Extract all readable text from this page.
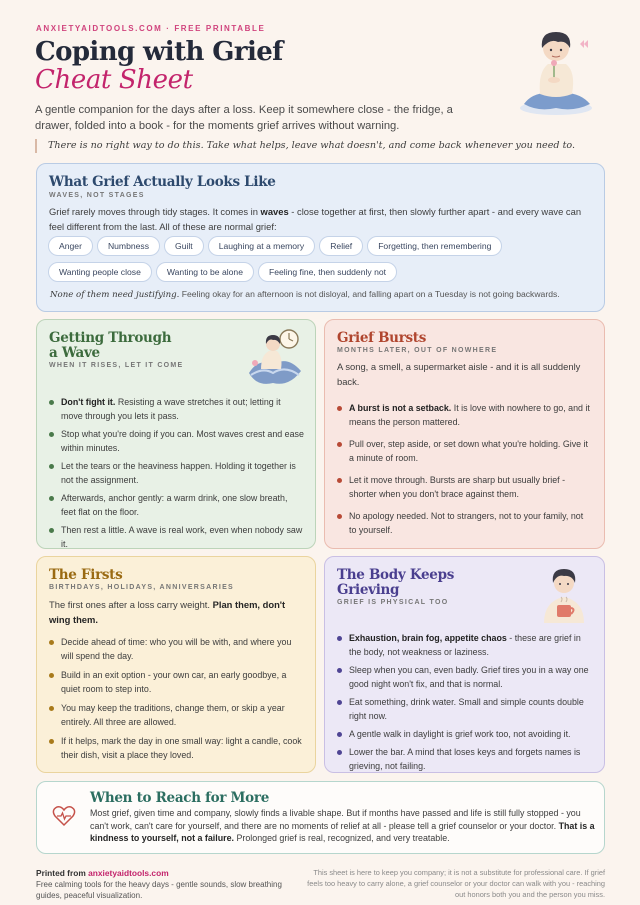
ANXIETYAIDTOOLS.COM · FREE PRINTABLE
Coping with Grief
Cheat Sheet
A gentle companion for the days after a loss. Keep it somewhere close - the fridge, a drawer, folded into a book - for the moments grief arrives without warning.
There is no right way to do this. Take what helps, leave what doesn't, and come back whenever you need to.
What Grief Actually Looks Like
WAVES, NOT STAGES
Grief rarely moves through tidy stages. It comes in waves - close together at first, then slowly further apart - and every wave can feel different from the last. All of these are normal grief:
Anger	Numbness	Guilt	Laughing at a memory	Relief	Forgetting, then remembering
Wanting people close	Wanting to be alone	Feeling fine, then suddenly not
None of them need justifying. Feeling okay for an afternoon is not disloyal, and falling apart on a Tuesday is not going backwards.
Getting Through
a Wave
WHEN IT RISES, LET IT COME
Don't fight it. Resisting a wave stretches it out; letting it move through you lets it pass.
Stop what you're doing if you can. Most waves crest and ease within minutes.
Let the tears or the heaviness happen. Holding it together is not the assignment.
Afterwards, anchor gently: a warm drink, one slow breath, feet flat on the floor.
Then rest a little. A wave is real work, even when nobody saw it.
Grief Bursts
MONTHS LATER, OUT OF NOWHERE
A song, a smell, a supermarket aisle - and it is all suddenly back.
A burst is not a setback. It is love with nowhere to go, and it means the person mattered.
Pull over, step aside, or set down what you're holding. Give it a minute of room.
Let it move through. Bursts are sharp but usually brief - shorter when you don't brace against them.
No apology needed. Not to strangers, not to your family, not to yourself.
The Firsts
BIRTHDAYS, HOLIDAYS, ANNIVERSARIES
The first ones after a loss carry weight. Plan them, don't wing them.
Decide ahead of time: who you will be with, and where you will spend the day.
Build in an exit option - your own car, an early goodbye, a quiet room to step into.
You may keep the traditions, change them, or skip a year entirely. All three are allowed.
If it helps, mark the day in one small way: light a candle, cook their dish, visit a place they loved.
The Body Keeps
Grieving
GRIEF IS PHYSICAL TOO
Exhaustion, brain fog, appetite chaos - these are grief in the body, not weakness or laziness.
Sleep when you can, even badly. Grief tires you in a way one good night won't fix, and that is normal.
Eat something, drink water. Small and simple counts double right now.
A gentle walk in daylight is grief work too, not avoiding it.
Lower the bar. A mind that loses keys and forgets names is grieving, not failing.
When to Reach for More
Most grief, given time and company, slowly finds a livable shape. But if months have passed and life is still fully stopped - you can't work, can't care for yourself, and there are no moments of relief at all - please tell a grief counselor or your doctor. That is a kindness to yourself, not a failure. Prolonged grief is real, recognized, and very treatable.
Printed from anxietyaidtools.com
Free calming tools for the heavy days - gentle sounds, slow breathing guides, peaceful visualization.
This sheet is here to keep you company; it is not a substitute for professional care. If grief feels too heavy to carry alone, a grief counselor or your doctor can walk with you - reaching out honors both you and the person you miss.
